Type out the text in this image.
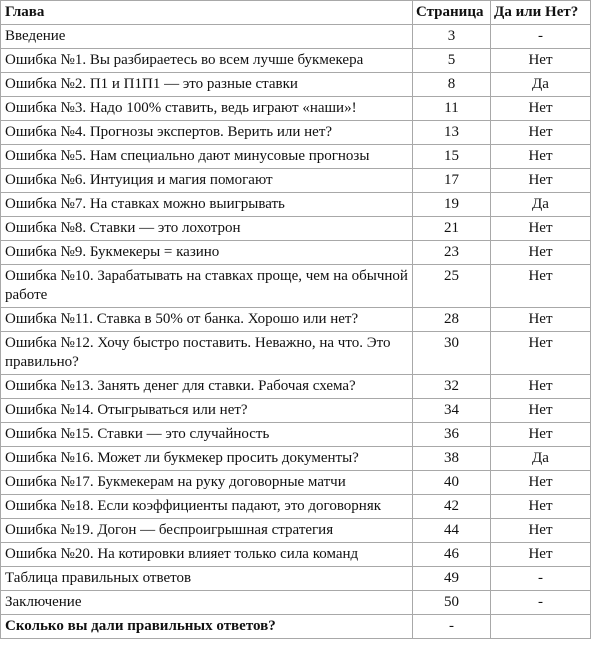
Глава	Страница	Да или Нет?
Введение	3	-
Ошибка №1. Вы разбираетесь во всем лучше букмекера	5	Нет
Ошибка №2. П1 и П1П1 — это разные ставки	8	Да
Ошибка №3. Надо 100% ставить, ведь играют «наши»!	11	Нет
Ошибка №4. Прогнозы экспертов. Верить или нет?	13	Нет
Ошибка №5. Нам специально дают минусовые прогнозы	15	Нет
Ошибка №6. Интуиция и магия помогают	17	Нет
Ошибка №7. На ставках можно выигрывать	19	Да
Ошибка №8. Ставки — это лохотрон	21	Нет
Ошибка №9. Букмекеры = казино	23	Нет
Ошибка №10. Зарабатывать на ставках проще, чем на обычной работе	25	Нет
Ошибка №11. Ставка в 50% от банка. Хорошо или нет?	28	Нет
Ошибка №12. Хочу быстро поставить. Неважно, на что. Это правильно?	30	Нет
Ошибка №13. Занять денег для ставки. Рабочая схема?	32	Нет
Ошибка №14. Отыгрываться или нет?	34	Нет
Ошибка №15. Ставки — это случайность	36	Нет
Ошибка №16. Может ли букмекер просить документы?	38	Да
Ошибка №17. Букмекерам на руку договорные матчи	40	Нет
Ошибка №18. Если коэффициенты падают, это договорняк	42	Нет
Ошибка №19. Догон — беспроигрышная стратегия	44	Нет
Ошибка №20. На котировки влияет только сила команд	46	Нет
Таблица правильных ответов	49	-
Заключение	50	-
Сколько вы дали правильных ответов?	-	
